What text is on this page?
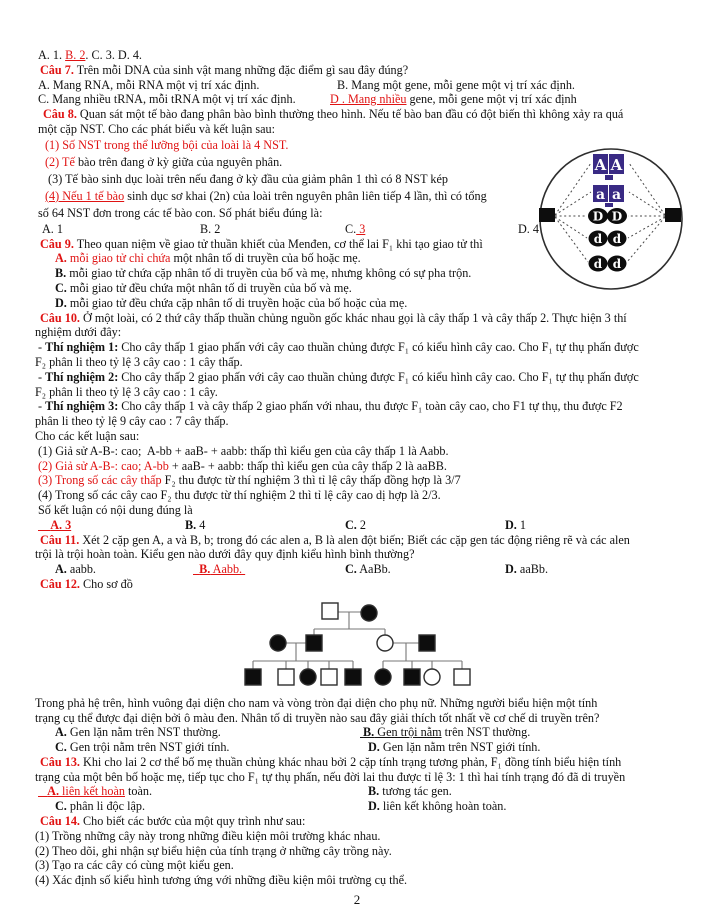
A. 1. B. 2. C. 3. D. 4.
Câu 7. Trên mỗi DNA của sinh vật mang những đặc điểm gì sau đây đúng?
A. Mang RNA, mỗi RNA một vị trí xác định.	B. Mang một gene, mỗi gene một vị trí xác định.
C. Mang nhiều tRNA, mỗi tRNA một vị trí xác định.	D . Mang nhiều gene, mỗi gene một vị trí xác định
Câu 8. Quan sát một tế bào đang phân bào bình thường theo hình. Nếu tế bào ban đầu có đột biến thì không xảy ra quá
một cặp NST. Cho các phát biểu và kết luận sau:
(1) Số NST trong thể lưỡng bội của loài là 4 NST.
(2) Tế bào trên đang ở kỳ giữa của nguyên phân.
(3) Tế bào sinh dục loài trên nếu đang ở kỳ đầu của giảm phân 1 thì có 8 NST kép
(4) Nếu 1 tế bào sinh dục sơ khai (2n) của loài trên nguyên phân liên tiếp 4 lần, thì có tổng
số 64 NST đơn trong các tế bào con. Số phát biểu đúng là:
A. 1	B. 2	C. 3	D. 4
Câu 9. Theo quan niệm về giao tử thuần khiết của Menđen, cơ thể lai F₁ khi tạo giao tử thì
A. mỗi giao tử chỉ chứa một nhân tố di truyền của bố hoặc mẹ.
B. mỗi giao tử chứa cặp nhân tố di truyền của bố và mẹ, nhưng không có sự pha trộn.
C. mỗi giao tử đều chứa một nhân tố di truyền của bố và mẹ.
D. mỗi giao tử đều chứa cặp nhân tố di truyền hoặc của bố hoặc của mẹ.
Câu 10. Ở một loài, có 2 thứ cây thấp thuần chủng nguồn gốc khác nhau gọi là cây thấp 1 và cây thấp 2. Thực hiện 3 thí
nghiệm dưới đây:
- Thí nghiệm 1: Cho cây thấp 1 giao phấn với cây cao thuần chủng được F₁ có kiểu hình cây cao. Cho F₁ tự thụ phấn được
F₂ phân li theo tỷ lệ 3 cây cao : 1 cây thấp.
- Thí nghiệm 2: Cho cây thấp 2 giao phấn với cây cao thuần chủng được F₁ có kiểu hình cây cao. Cho F₁ tự thụ phấn được
F₂ phân li theo tỷ lệ 3 cây cao : 1 cây.
- Thí nghiệm 3: Cho cây thấp 1 và cây thấp 2 giao phấn với nhau, thu được F₁ toàn cây cao, cho F1 tự thụ, thu được F2
phân li theo tỷ lệ 9 cây cao : 7 cây thấp.
Cho các kết luận sau:
(1) Giả sử A-B-: cao;  A-bb + aaB- + aabb: thấp thì kiểu gen của cây thấp 1 là Aabb.
(2) Giả sử A-B-: cao; A-bb + aaB- + aabb: thấp thì kiểu gen của cây thấp 2 là aaBB.
(3) Trong số các cây thấp F₂ thu được từ thí nghiệm 3 thì tỉ lệ cây thấp đồng hợp là 3/7
(4) Trong số các cây cao F₂ thu được từ thí nghiệm 2 thì tỉ lệ cây cao dị hợp là 2/3.
Số kết luận có nội dung đúng là
A. 3	B. 4	C. 2	D. 1
Câu 11. Xét 2 cặp gen A, a và B, b; trong đó các alen a, B là alen đột biến; Biết các cặp gen tác động riêng rẽ và các alen
trội là trội hoàn toàn. Kiểu gen nào dưới đây quy định kiểu hình bình thường?
A. aabb.	B. Aabb.	C. AaBb.	D. aaBb.
Câu 12. Cho sơ đồ
Trong phả hệ trên, hình vuông đại diện cho nam và vòng tròn đại diện cho phụ nữ. Những người biểu hiện một tính
trạng cụ thể được đại diện bởi ô màu đen. Nhân tố di truyền nào sau đây giải thích tốt nhất về cơ chế di truyền trên?
A. Gen lặn nằm trên NST thường.	B. Gen trội nằm trên NST thường.
C. Gen trội nằm trên NST giới tính.	D. Gen lặn nằm trên NST giới tính.
Câu 13. Khi cho lai 2 cơ thể bố mẹ thuần chủng khác nhau bởi 2 cặp tính trạng tương phản, F₁ đồng tính biểu hiện tính
trạng của một bên bố hoặc mẹ, tiếp tục cho F₁ tự thụ phấn, nếu đời lai thu được tỉ lệ 3: 1 thì hai tính trạng đó đã di truyền
A. liên kết hoàn toàn.	B. tương tác gen.
C. phân li độc lập.	D. liên kết không hoàn toàn.
Câu 14. Cho biết các bước của một quy trình như sau:
(1) Trồng những cây này trong những điều kiện môi trường khác nhau.
(2) Theo dõi, ghi nhận sự biểu hiện của tính trạng ở những cây trồng này.
(3) Tạo ra các cây có cùng một kiểu gen.
(4) Xác định số kiểu hình tương ứng với những điều kiện môi trường cụ thể.
2
A A
a a
D D
d d
d d
